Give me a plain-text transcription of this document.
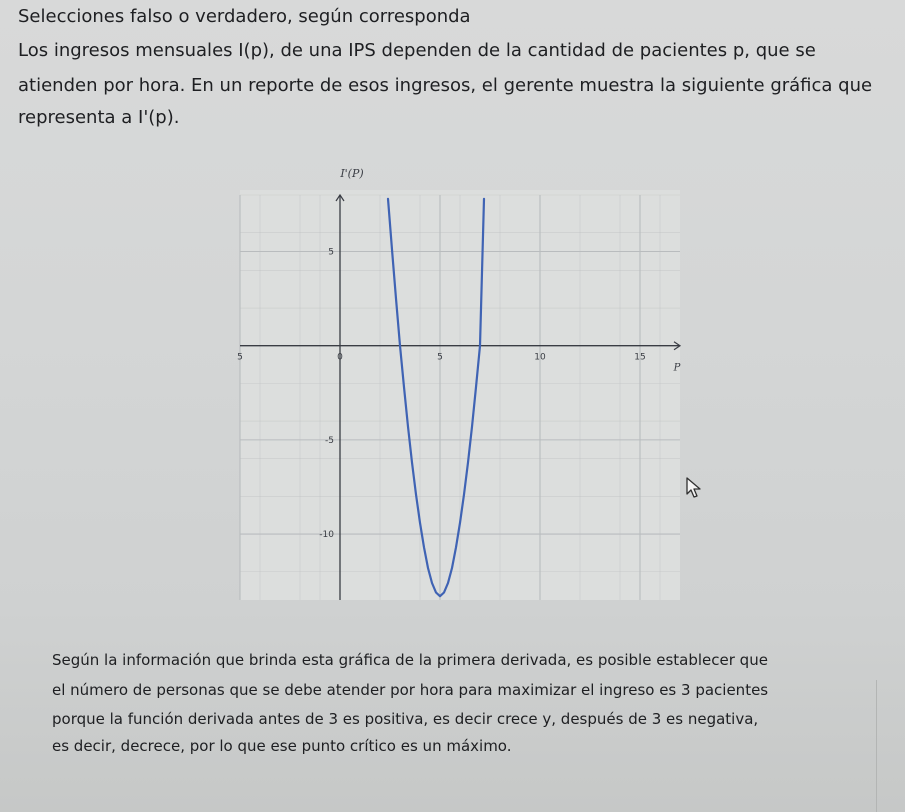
Selecciones falso o verdadero, según corresponda

Los ingresos mensuales I(p), de una IPS dependen de la cantidad de pacientes p, que se
atienden por hora. En un reporte de esos ingresos, el gerente muestra la siguiente gráfica que
representa a I'(p).

5	0	5	10	15
5
-5
-10
I'(P)
P

Según la información que brinda esta gráfica de la primera derivada, es posible establecer que
el número de personas que se debe atender por hora para maximizar el ingreso es 3 pacientes
porque la función derivada antes de 3 es positiva, es decir crece y, después de 3 es negativa,
es decir, decrece, por lo que ese punto crítico es un máximo.
